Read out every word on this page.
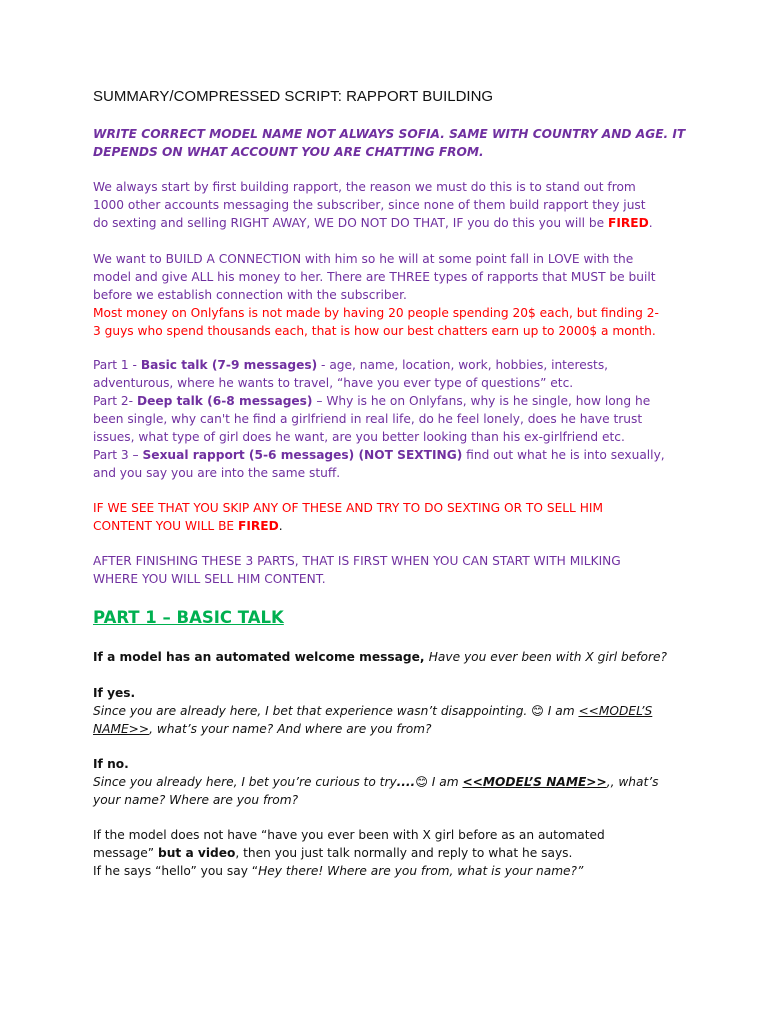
SUMMARY/COMPRESSED SCRIPT: RAPPORT BUILDING
WRITE CORRECT MODEL NAME NOT ALWAYS SOFIA. SAME WITH COUNTRY AND AGE. IT
DEPENDS ON WHAT ACCOUNT YOU ARE CHATTING FROM.
We always start by first building rapport, the reason we must do this is to stand out from
1000 other accounts messaging the subscriber, since none of them build rapport they just
do sexting and selling RIGHT AWAY, WE DO NOT DO THAT, IF you do this you will be FIRED.
We want to BUILD A CONNECTION with him so he will at some point fall in LOVE with the
model and give ALL his money to her. There are THREE types of rapports that MUST be built
before we establish connection with the subscriber.
Most money on Onlyfans is not made by having 20 people spending 20$ each, but finding 2-
3 guys who spend thousands each, that is how our best chatters earn up to 2000$ a month.
Part 1 - Basic talk (7-9 messages) - age, name, location, work, hobbies, interests,
adventurous, where he wants to travel, “have you ever type of questions” etc.
Part 2- Deep talk (6-8 messages) – Why is he on Onlyfans, why is he single, how long he
been single, why can't he find a girlfriend in real life, do he feel lonely, does he have trust
issues, what type of girl does he want, are you better looking than his ex-girlfriend etc.
Part 3 – Sexual rapport (5-6 messages) (NOT SEXTING) find out what he is into sexually,
and you say you are into the same stuff.
IF WE SEE THAT YOU SKIP ANY OF THESE AND TRY TO DO SEXTING OR TO SELL HIM
CONTENT YOU WILL BE FIRED.
AFTER FINISHING THESE 3 PARTS, THAT IS FIRST WHEN YOU CAN START WITH MILKING
WHERE YOU WILL SELL HIM CONTENT.
PART 1 – BASIC TALK
If a model has an automated welcome message, Have you ever been with X girl before?
If yes.
Since you are already here, I bet that experience wasn’t disappointing. 😊 I am <<MODEL’S
NAME>>, what’s your name? And where are you from?
If no.
Since you already here, I bet you’re curious to try....😊 I am <<MODEL’S NAME>>,, what’s
your name? Where are you from?
If the model does not have “have you ever been with X girl before as an automated
message” but a video, then you just talk normally and reply to what he says.
If he says “hello” you say “Hey there! Where are you from, what is your name?”
